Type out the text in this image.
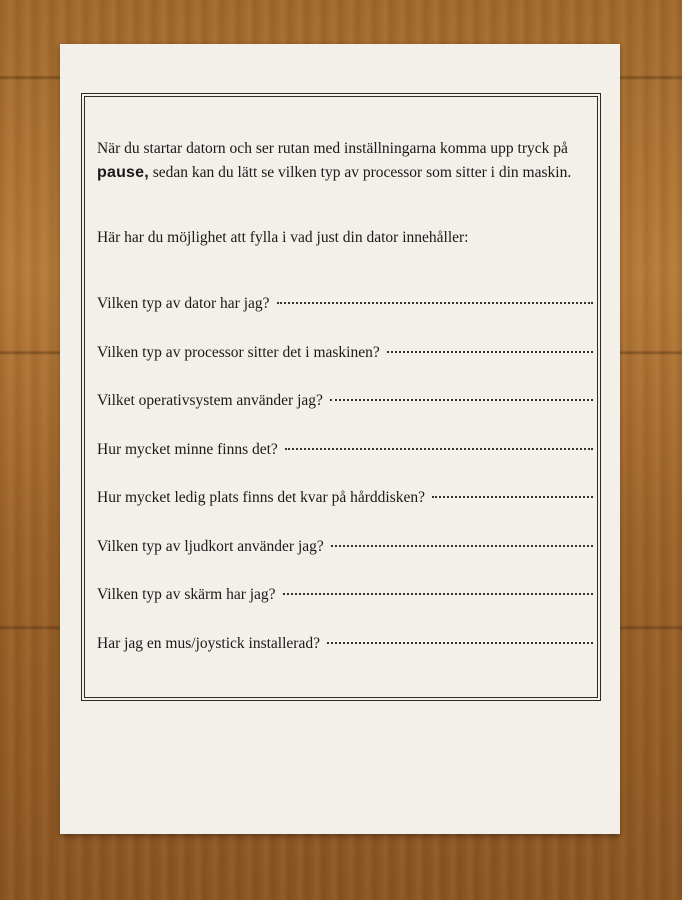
När du startar datorn och ser rutan med inställningarna komma upp tryck på pause, sedan kan du lätt se vilken typ av processor som sitter i din maskin.

Här har du möjlighet att fylla i vad just din dator innehåller:

Vilken typ av dator har jag?
Vilken typ av processor sitter det i maskinen?
Vilket operativsystem använder jag?
Hur mycket minne finns det?
Hur mycket ledig plats finns det kvar på hårddisken?
Vilken typ av ljudkort använder jag?
Vilken typ av skärm har jag?
Har jag en mus/joystick installerad?
